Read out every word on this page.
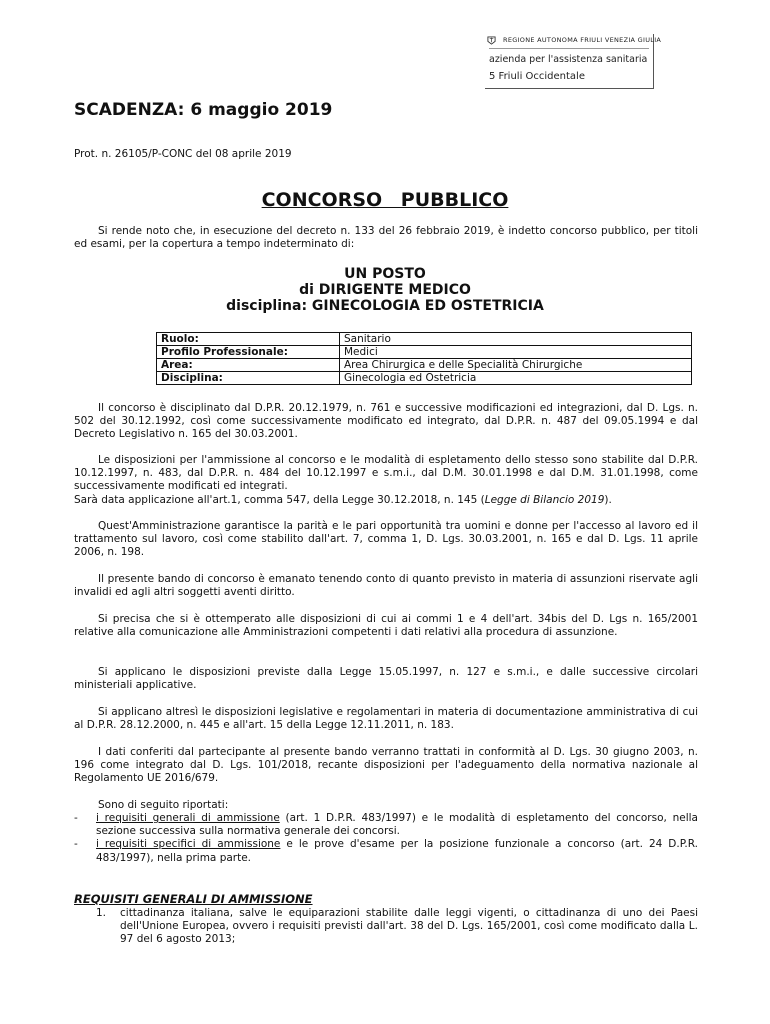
REGIONE AUTONOMA FRIULI VENEZIA GIULIA
azienda per l'assistenza sanitaria
5 Friuli Occidentale
SCADENZA: 6 maggio 2019
Prot. n. 26105/P-CONC del 08 aprile 2019
CONCORSO PUBBLICO
Si rende noto che, in esecuzione del decreto n. 133 del 26 febbraio 2019, è indetto concorso pubblico, per titoli ed esami, per la copertura a tempo indeterminato di:
UN POSTO
di DIRIGENTE MEDICO
disciplina: GINECOLOGIA ED OSTETRICIA
Ruolo:	Sanitario
Profilo Professionale:	Medici
Area:	Area Chirurgica e delle Specialità Chirurgiche
Disciplina:	Ginecologia ed Ostetricia
Il concorso è disciplinato dal D.P.R. 20.12.1979, n. 761 e successive modificazioni ed integrazioni, dal D. Lgs. n. 502 del 30.12.1992, così come successivamente modificato ed integrato, dal D.P.R. n. 487 del 09.05.1994 e dal Decreto Legislativo n. 165 del 30.03.2001.
Le disposizioni per l'ammissione al concorso e le modalità di espletamento dello stesso sono stabilite dal D.P.R. 10.12.1997, n. 483, dal D.P.R. n. 484 del 10.12.1997 e s.m.i., dal D.M. 30.01.1998 e dal D.M. 31.01.1998, come successivamente modificati ed integrati.
Sarà data applicazione all'art.1, comma 547, della Legge 30.12.2018, n. 145 (Legge di Bilancio 2019).
Quest'Amministrazione garantisce la parità e le pari opportunità tra uomini e donne per l'accesso al lavoro ed il trattamento sul lavoro, così come stabilito dall'art. 7, comma 1, D. Lgs. 30.03.2001, n. 165 e dal D. Lgs. 11 aprile 2006, n. 198.
Il presente bando di concorso è emanato tenendo conto di quanto previsto in materia di assunzioni riservate agli invalidi ed agli altri soggetti aventi diritto.
Si precisa che si è ottemperato alle disposizioni di cui ai commi 1 e 4 dell'art. 34bis del D. Lgs n. 165/2001 relative alla comunicazione alle Amministrazioni competenti i dati relativi alla procedura di assunzione.
Si applicano le disposizioni previste dalla Legge 15.05.1997, n. 127 e s.m.i., e dalle successive circolari ministeriali applicative.
Si applicano altresì le disposizioni legislative e regolamentari in materia di documentazione amministrativa di cui al D.P.R. 28.12.2000, n. 445 e all'art. 15 della Legge 12.11.2011, n. 183.
I dati conferiti dal partecipante al presente bando verranno trattati in conformità al D. Lgs. 30 giugno 2003, n. 196 come integrato dal D. Lgs. 101/2018, recante disposizioni per l'adeguamento della normativa nazionale al Regolamento UE 2016/679.
Sono di seguito riportati:
- i requisiti generali di ammissione (art. 1 D.P.R. 483/1997) e le modalità di espletamento del concorso, nella sezione successiva sulla normativa generale dei concorsi.
- i requisiti specifici di ammissione e le prove d'esame per la posizione funzionale a concorso (art. 24 D.P.R. 483/1997), nella prima parte.
REQUISITI GENERALI DI AMMISSIONE
1.	cittadinanza italiana, salve le equiparazioni stabilite dalle leggi vigenti, o cittadinanza di uno dei Paesi dell'Unione Europea, ovvero i requisiti previsti dall'art. 38 del D. Lgs. 165/2001, così come modificato dalla L. 97 del 6 agosto 2013;
